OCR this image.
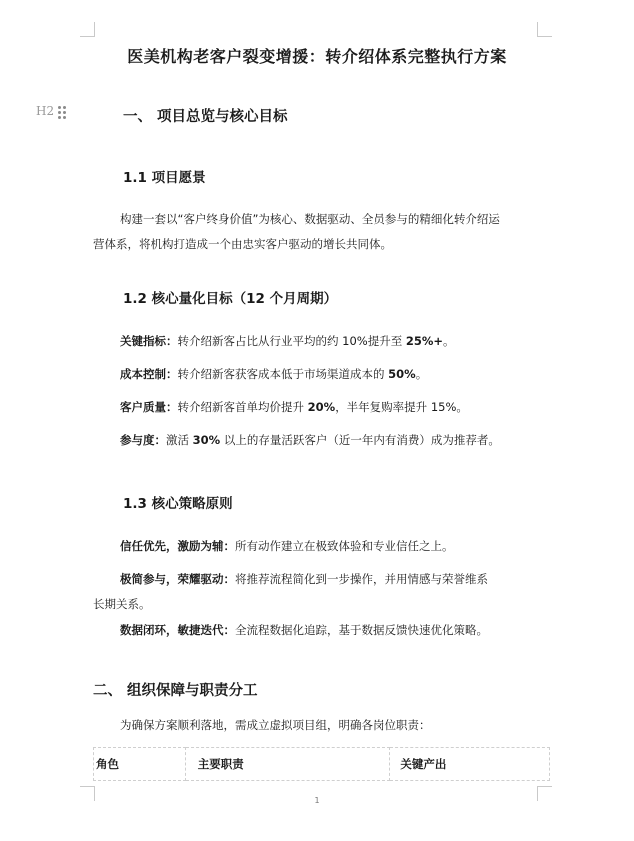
医美机构老客户裂变增援：转介绍体系完整执行方案
H2	一、 项目总览与核心目标
1.1 项目愿景
构建一套以“客户终身价值”为核心、数据驱动、全员参与的精细化转介绍运
营体系，将机构打造成一个由忠实客户驱动的增长共同体。
1.2 核心量化目标（12 个月周期）
关键指标：转介绍新客占比从行业平均的约 10%提升至 25%+。
成本控制：转介绍新客获客成本低于市场渠道成本的 50%。
客户质量：转介绍新客首单均价提升 20%，半年复购率提升 15%。
参与度：激活 30% 以上的存量活跃客户（近一年内有消费）成为推荐者。
1.3 核心策略原则
信任优先，激励为辅：所有动作建立在极致体验和专业信任之上。
极简参与，荣耀驱动：将推荐流程简化到一步操作，并用情感与荣誉维系
长期关系。
数据闭环，敏捷迭代：全流程数据化追踪，基于数据反馈快速优化策略。
二、 组织保障与职责分工
为确保方案顺利落地，需成立虚拟项目组，明确各岗位职责：
角色	主要职责	关键产出
1
